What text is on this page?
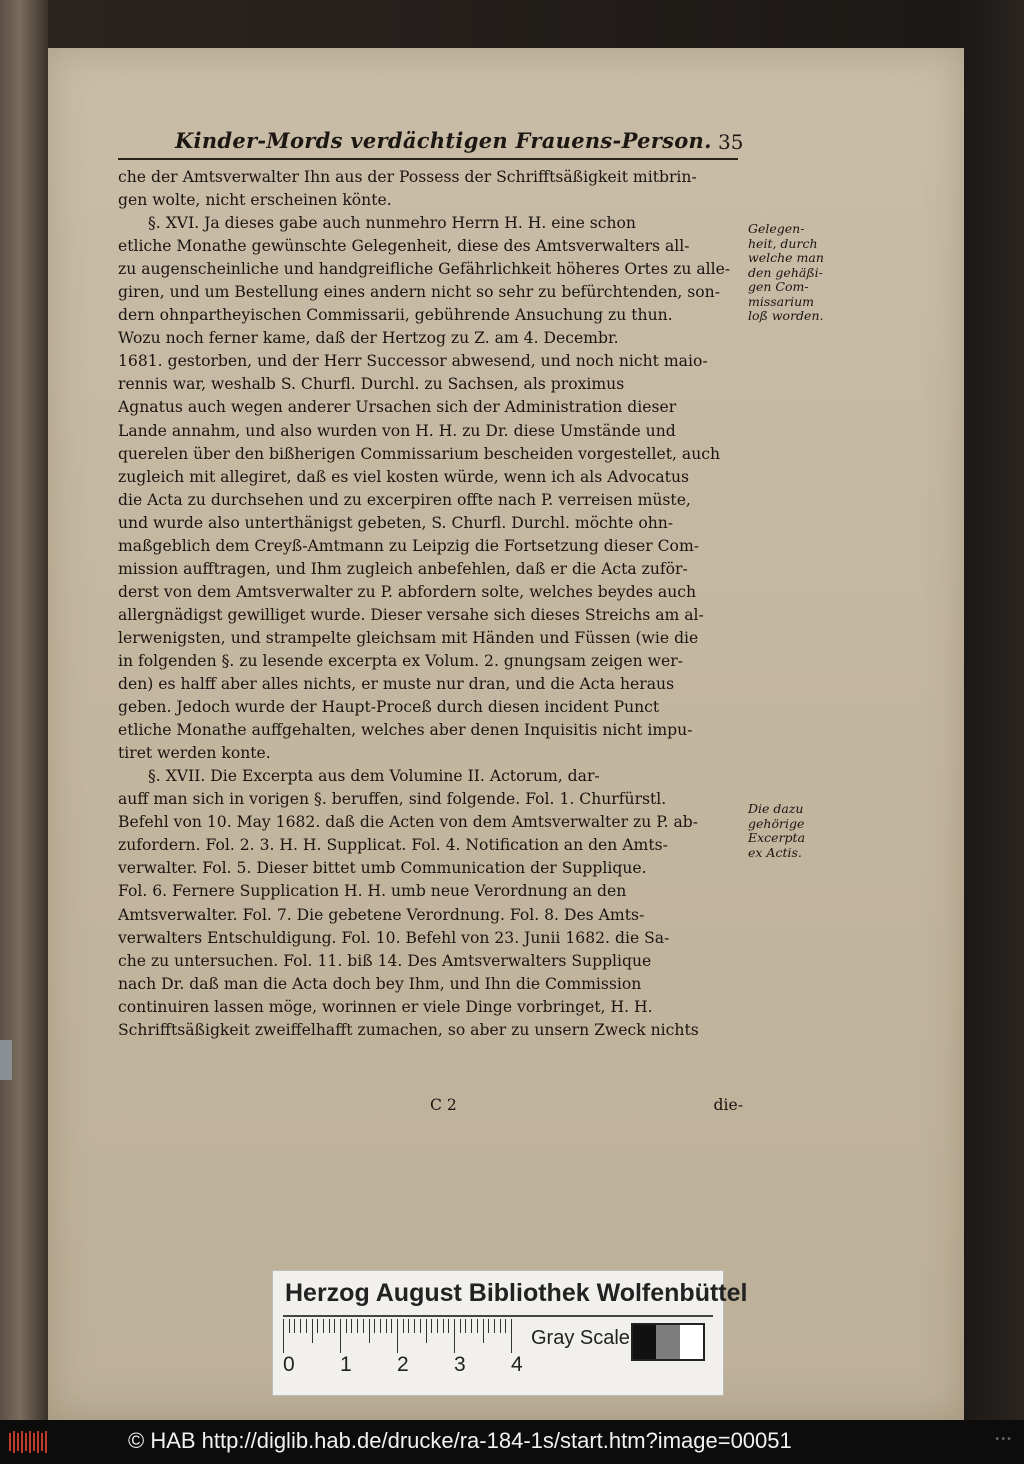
Kinder-Mords verdächtigen Frauens-Person. 35
che der Amtsverwalter Ihn aus der Possess der Schrifftsäßigkeit mitbrin-
gen wolte, nicht erscheinen könte.
§. XVI. Ja dieses gabe auch nunmehro Herrn H. H. eine schon
etliche Monathe gewünschte Gelegenheit, diese des Amtsverwalters all-
zu augenscheinliche und handgreifliche Gefährlichkeit höheres Ortes zu alle-
giren, und um Bestellung eines andern nicht so sehr zu befürchtenden, son-
dern ohnpartheyischen Commissarii, gebührende Ansuchung zu thun.
Wozu noch ferner kame, daß der Hertzog zu Z. am 4. Decembr.
1681. gestorben, und der Herr Successor abwesend, und noch nicht maio-
rennis war, weshalb S. Churfl. Durchl. zu Sachsen, als proximus
Agnatus auch wegen anderer Ursachen sich der Administration dieser
Lande annahm, und also wurden von H. H. zu Dr. diese Umstände und
querelen über den bißherigen Commissarium bescheiden vorgestellet, auch
zugleich mit allegiret, daß es viel kosten würde, wenn ich als Advocatus
die Acta zu durchsehen und zu excerpiren offte nach P. verreisen müste,
und wurde also unterthänigst gebeten, S. Churfl. Durchl. möchte ohn-
maßgeblich dem Creyß-Amtmann zu Leipzig die Fortsetzung dieser Com-
mission aufftragen, und Ihm zugleich anbefehlen, daß er die Acta zuför-
derst von dem Amtsverwalter zu P. abfordern solte, welches beydes auch
allergnädigst gewilliget wurde. Dieser versahe sich dieses Streichs am al-
lerwenigsten, und strampelte gleichsam mit Händen und Füssen (wie die
in folgenden §. zu lesende excerpta ex Volum. 2. gnungsam zeigen wer-
den) es halff aber alles nichts, er muste nur dran, und die Acta heraus
geben. Jedoch wurde der Haupt-Proceß durch diesen incident Punct
etliche Monathe auffgehalten, welches aber denen Inquisitis nicht impu-
tiret werden konte.
§. XVII. Die Excerpta aus dem Volumine II. Actorum, dar-
auff man sich in vorigen §. beruffen, sind folgende. Fol. 1. Churfürstl.
Befehl von 10. May 1682. daß die Acten von dem Amtsverwalter zu P. ab-
zufordern. Fol. 2. 3. H. H. Supplicat. Fol. 4. Notification an den Amts-
verwalter. Fol. 5. Dieser bittet umb Communication der Supplique.
Fol. 6. Fernere Supplication H. H. umb neue Verordnung an den
Amtsverwalter. Fol. 7. Die gebetene Verordnung. Fol. 8. Des Amts-
verwalters Entschuldigung. Fol. 10. Befehl von 23. Junii 1682. die Sa-
che zu untersuchen. Fol. 11. biß 14. Des Amtsverwalters Supplique
nach Dr. daß man die Acta doch bey Ihm, und Ihn die Commission
continuiren lassen möge, worinnen er viele Dinge vorbringet, H. H.
Schrifftsäßigkeit zweiffelhafft zumachen, so aber zu unsern Zweck nichts
Gelegen-
heit, durch
welche man
den gehäßi-
gen Com-
missarium
loß worden.
Die dazu
gehörige
Excerpta
ex Actis.
C 2	die-
Herzog August Bibliothek Wolfenbüttel
0 1 2 3 4
Gray Scale
© HAB http://diglib.hab.de/drucke/ra-184-1s/start.htm?image=00051	•••
